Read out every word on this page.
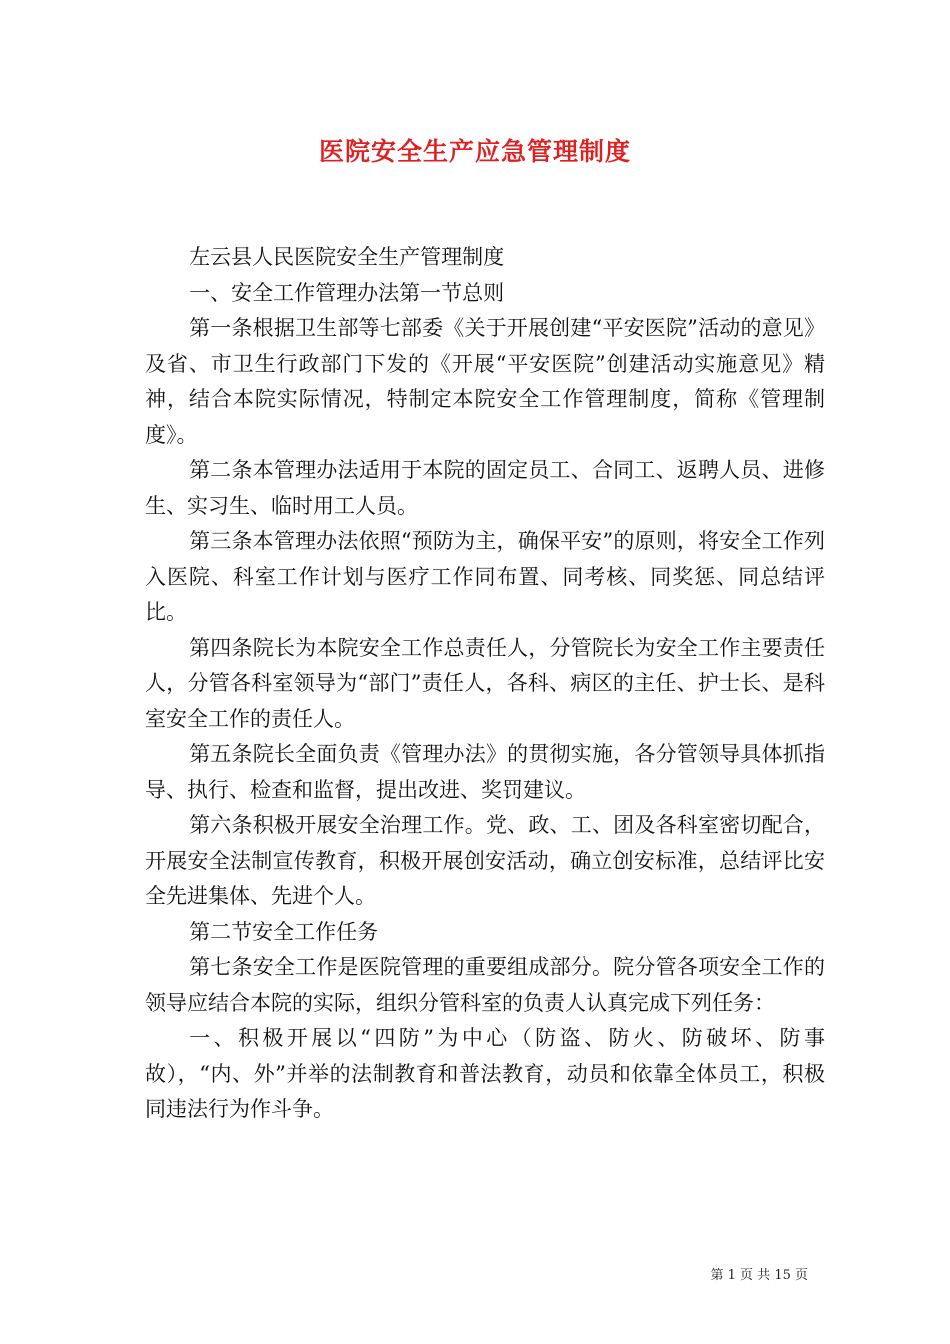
医院安全生产应急管理制度

左云县人民医院安全生产管理制度

一、安全工作管理办法第一节总则

第一条根据卫生部等七部委《关于开展创建“平安医院”活动的意见》及省、市卫生行政部门下发的《开展“平安医院”创建活动实施意见》精神，结合本院实际情况，特制定本院安全工作管理制度，简称《管理制度》。

第二条本管理办法适用于本院的固定员工、合同工、返聘人员、进修生、实习生、临时用工人员。

第三条本管理办法依照“预防为主，确保平安”的原则，将安全工作列入医院、科室工作计划与医疗工作同布置、同考核、同奖惩、同总结评比。

第四条院长为本院安全工作总责任人，分管院长为安全工作主要责任人，分管各科室领导为“部门”责任人，各科、病区的主任、护士长、是科室安全工作的责任人。

第五条院长全面负责《管理办法》的贯彻实施，各分管领导具体抓指导、执行、检查和监督，提出改进、奖罚建议。

第六条积极开展安全治理工作。党、政、工、团及各科室密切配合，开展安全法制宣传教育，积极开展创安活动，确立创安标准，总结评比安全先进集体、先进个人。

第二节安全工作任务

第七条安全工作是医院管理的重要组成部分。院分管各项安全工作的领导应结合本院的实际，组织分管科室的负责人认真完成下列任务：

一、积极开展以“四防”为中心（防盗、防火、防破坏、防事故），“内、外”并举的法制教育和普法教育，动员和依靠全体员工，积极同违法行为作斗争。

第 1 页 共 15 页
